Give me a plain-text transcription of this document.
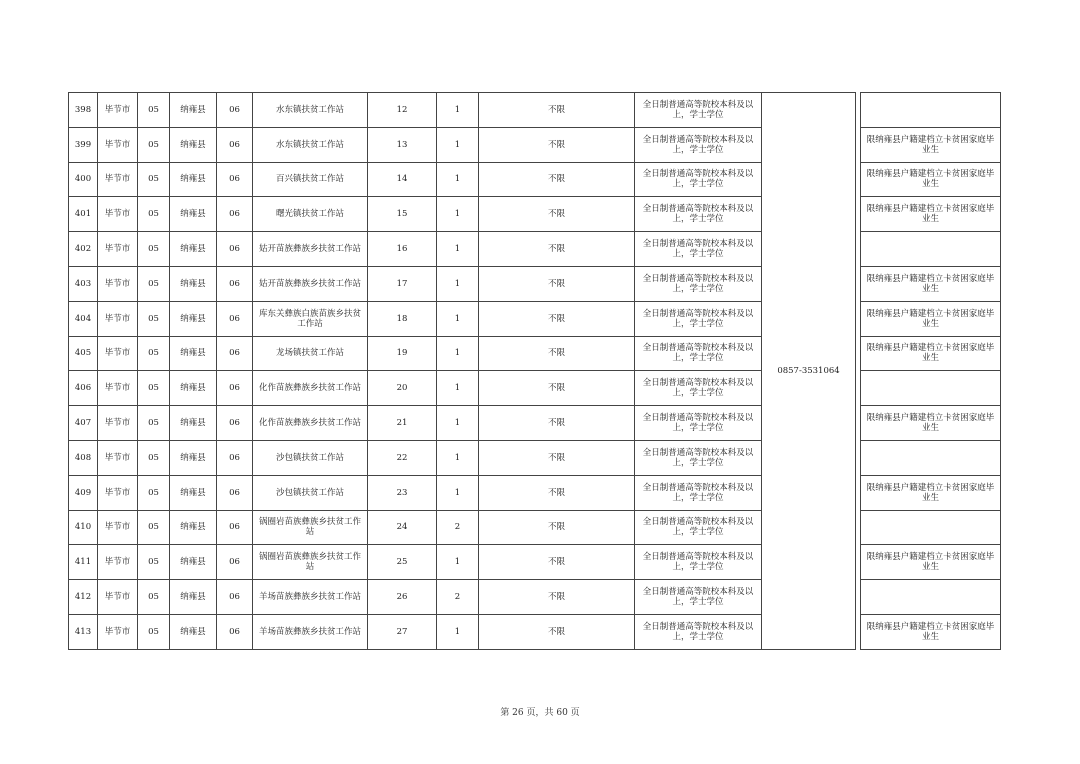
398	毕节市	05	纳雍县	06	水东镇扶贫工作站	12	1	不限	全日制普通高等院校本科及以上，学士学位	0857-3531064		
399	毕节市	05	纳雍县	06	水东镇扶贫工作站	13	1	不限	全日制普通高等院校本科及以上，学士学位			限纳雍县户籍建档立卡贫困家庭毕业生
400	毕节市	05	纳雍县	06	百兴镇扶贫工作站	14	1	不限	全日制普通高等院校本科及以上，学士学位			限纳雍县户籍建档立卡贫困家庭毕业生
401	毕节市	05	纳雍县	06	曙光镇扶贫工作站	15	1	不限	全日制普通高等院校本科及以上，学士学位			限纳雍县户籍建档立卡贫困家庭毕业生
402	毕节市	05	纳雍县	06	姑开苗族彝族乡扶贫工作站	16	1	不限	全日制普通高等院校本科及以上，学士学位			
403	毕节市	05	纳雍县	06	姑开苗族彝族乡扶贫工作站	17	1	不限	全日制普通高等院校本科及以上，学士学位			限纳雍县户籍建档立卡贫困家庭毕业生
404	毕节市	05	纳雍县	06	库东关彝族白族苗族乡扶贫工作站	18	1	不限	全日制普通高等院校本科及以上，学士学位			限纳雍县户籍建档立卡贫困家庭毕业生
405	毕节市	05	纳雍县	06	龙场镇扶贫工作站	19	1	不限	全日制普通高等院校本科及以上，学士学位			限纳雍县户籍建档立卡贫困家庭毕业生
406	毕节市	05	纳雍县	06	化作苗族彝族乡扶贫工作站	20	1	不限	全日制普通高等院校本科及以上，学士学位			
407	毕节市	05	纳雍县	06	化作苗族彝族乡扶贫工作站	21	1	不限	全日制普通高等院校本科及以上，学士学位			限纳雍县户籍建档立卡贫困家庭毕业生
408	毕节市	05	纳雍县	06	沙包镇扶贫工作站	22	1	不限	全日制普通高等院校本科及以上，学士学位			
409	毕节市	05	纳雍县	06	沙包镇扶贫工作站	23	1	不限	全日制普通高等院校本科及以上，学士学位			限纳雍县户籍建档立卡贫困家庭毕业生
410	毕节市	05	纳雍县	06	锅圈岩苗族彝族乡扶贫工作站	24	2	不限	全日制普通高等院校本科及以上，学士学位			
411	毕节市	05	纳雍县	06	锅圈岩苗族彝族乡扶贫工作站	25	1	不限	全日制普通高等院校本科及以上，学士学位			限纳雍县户籍建档立卡贫困家庭毕业生
412	毕节市	05	纳雍县	06	羊场苗族彝族乡扶贫工作站	26	2	不限	全日制普通高等院校本科及以上，学士学位			
413	毕节市	05	纳雍县	06	羊场苗族彝族乡扶贫工作站	27	1	不限	全日制普通高等院校本科及以上，学士学位			限纳雍县户籍建档立卡贫困家庭毕业生
第 26 页，共 60 页
